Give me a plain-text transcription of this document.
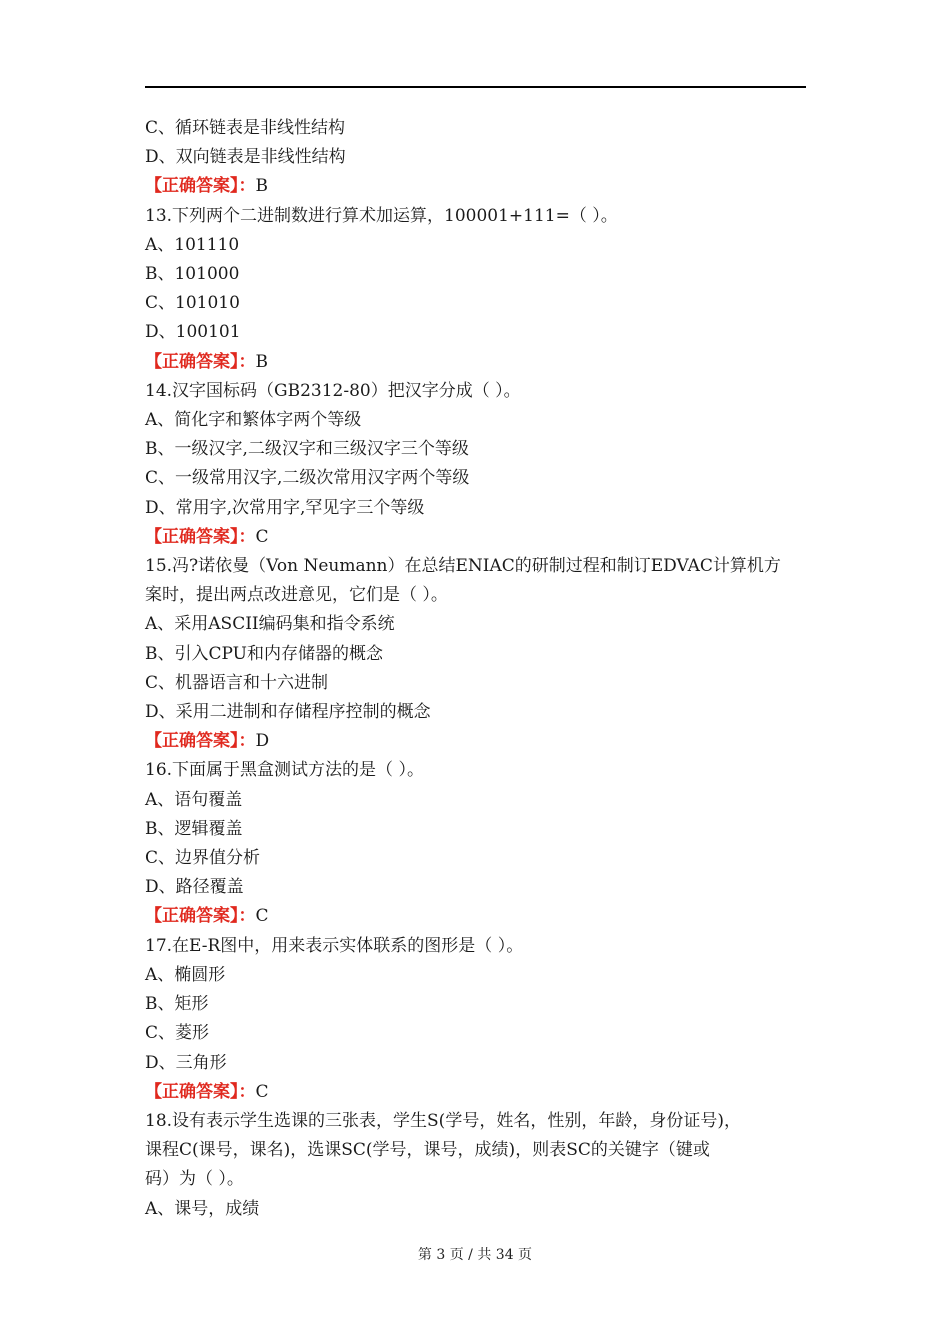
C、循环链表是非线性结构
D、双向链表是非线性结构
【正确答案】：B
13.下列两个二进制数进行算术加运算，100001+111=（ ）。
A、101110
B、101000
C、101010
D、100101
【正确答案】：B
14.汉字国标码（GB2312-80）把汉字分成（ ）。
A、简化字和繁体字两个等级
B、一级汉字,二级汉字和三级汉字三个等级
C、一级常用汉字,二级次常用汉字两个等级
D、常用字,次常用字,罕见字三个等级
【正确答案】：C
15.冯?诺依曼（Von Neumann）在总结ENIAC的研制过程和制订EDVAC计算机方
案时，提出两点改进意见，它们是（ ）。
A、采用ASCII编码集和指令系统
B、引入CPU和内存储器的概念
C、机器语言和十六进制
D、采用二进制和存储程序控制的概念
【正确答案】：D
16.下面属于黑盒测试方法的是（ ）。
A、语句覆盖
B、逻辑覆盖
C、边界值分析
D、路径覆盖
【正确答案】：C
17.在E-R图中，用来表示实体联系的图形是（ ）。
A、椭圆形
B、矩形
C、菱形
D、三角形
【正确答案】：C
18.设有表示学生选课的三张表，学生S(学号，姓名，性别，年龄，身份证号)，
课程C(课号，课名)，选课SC(学号，课号，成绩)，则表SC的关键字（键或
码）为（ ）。
A、课号，成绩
第 3 页 / 共 34 页
